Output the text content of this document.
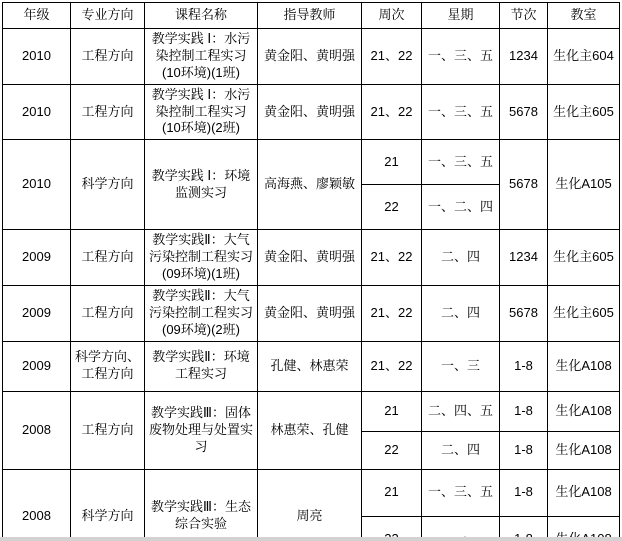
年级	专业方向	课程名称	指导教师	周次	星期	节次	教室
2010	工程方向	教学实践 Ⅰ：水污染控制工程实习(10环境)(1班)	黄金阳、黄明强	21、22	一、三、五	1234	生化主604
2010	工程方向	教学实践 Ⅰ：水污染控制工程实习(10环境)(2班)	黄金阳、黄明强	21、22	一、三、五	5678	生化主605
2010	科学方向	教学实践 Ⅰ：环境监测实习	高海燕、廖颖敏	21	一、三、五	5678	生化A105
				22	一、二、四		
2009	工程方向	教学实践Ⅱ：大气污染控制工程实习(09环境)(1班)	黄金阳、黄明强	21、22	二、四	1234	生化主605
2009	工程方向	教学实践Ⅱ：大气污染控制工程实习(09环境)(2班)	黄金阳、黄明强	21、22	二、四	5678	生化主605
2009	科学方向、工程方向	教学实践Ⅱ：环境工程实习	孔健、林惠荣	21、22	一、三	1-8	生化A108
2008	工程方向	教学实践Ⅲ：固体废物处理与处置实习	林惠荣、孔健	21	二、四、五	1-8	生化A108
				22	二、四	1-8	生化A108
2008	科学方向	教学实践Ⅲ：生态综合实验	周亮	21	一、三、五	1-8	生化A108
